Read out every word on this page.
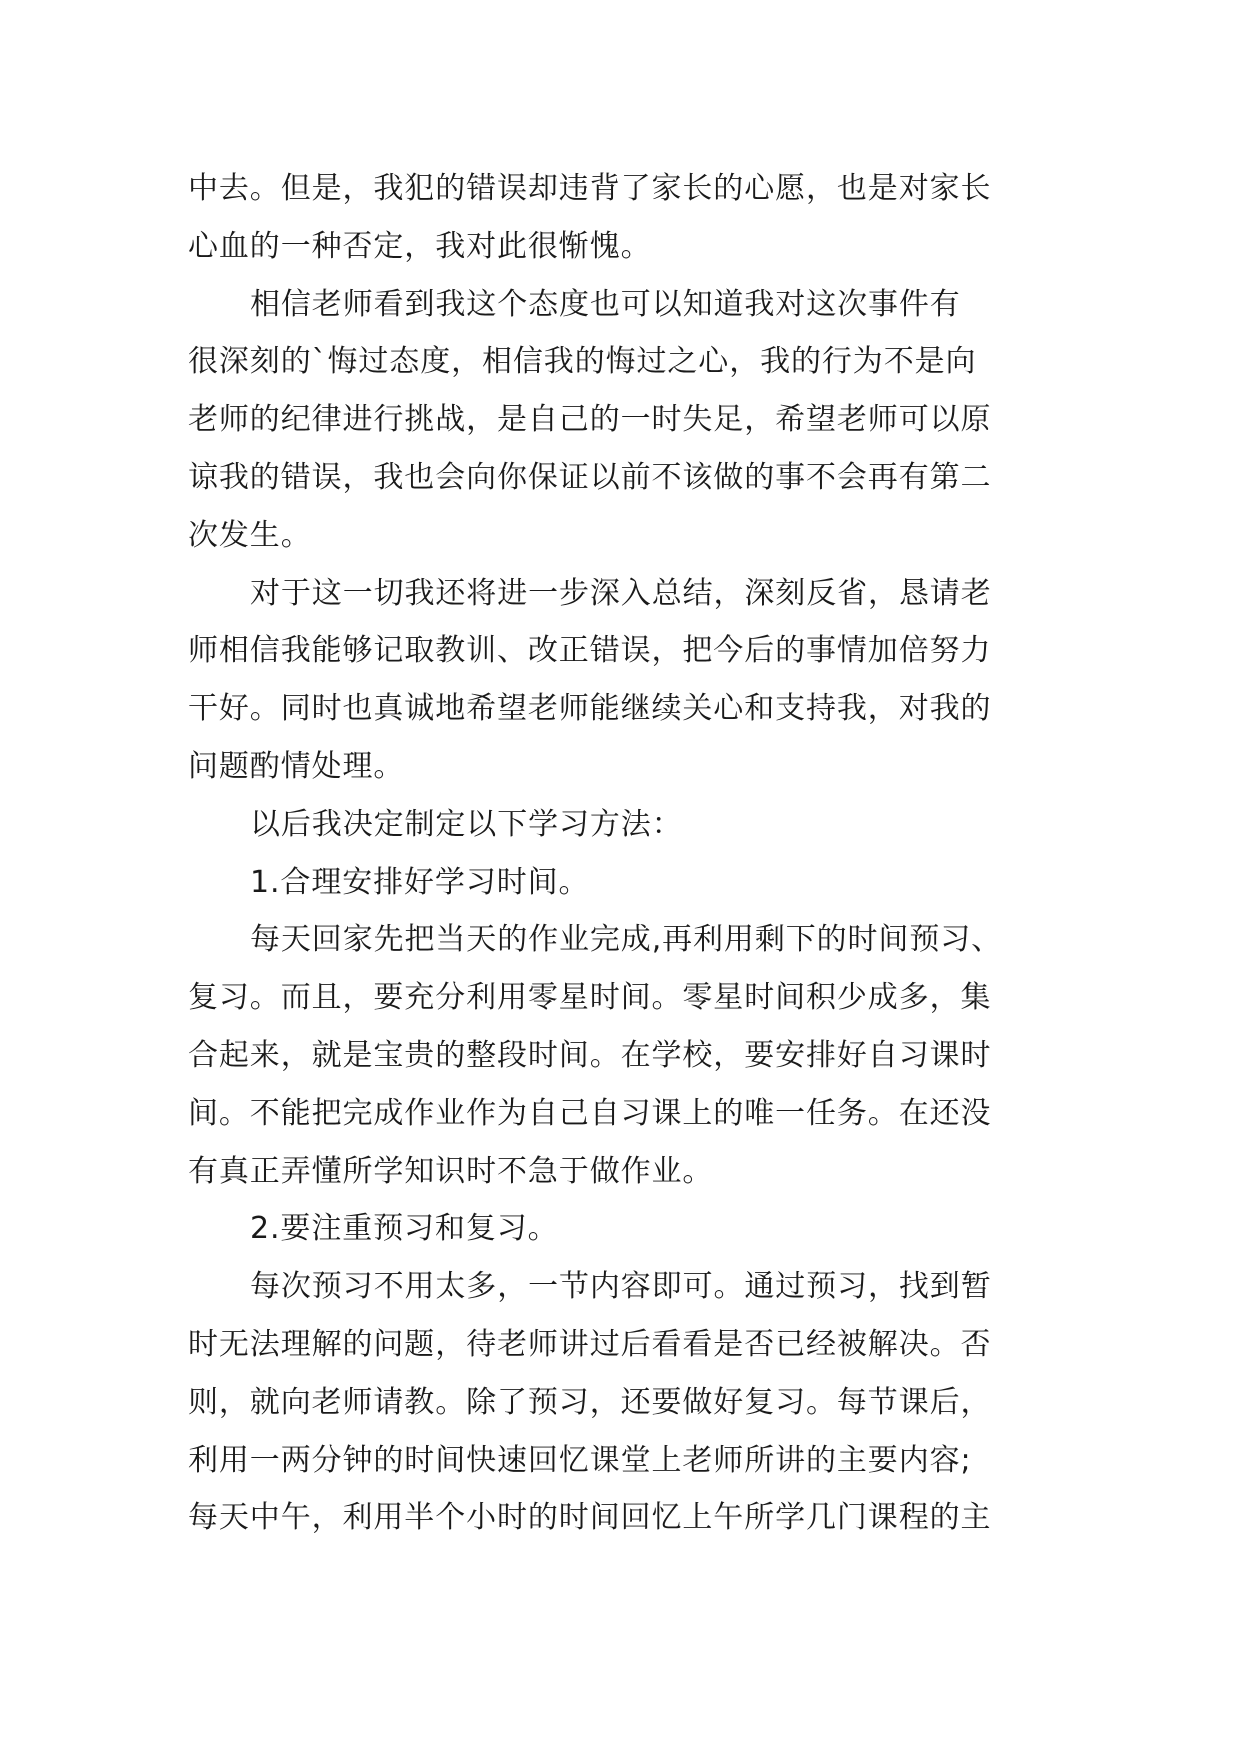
中去。但是，我犯的错误却违背了家长的心愿，也是对家长
心血的一种否定，我对此很惭愧。
相信老师看到我这个态度也可以知道我对这次事件有
很深刻的`悔过态度，相信我的悔过之心，我的行为不是向
老师的纪律进行挑战，是自己的一时失足，希望老师可以原
谅我的错误，我也会向你保证以前不该做的事不会再有第二
次发生。
对于这一切我还将进一步深入总结，深刻反省，恳请老
师相信我能够记取教训、改正错误，把今后的事情加倍努力
干好。同时也真诚地希望老师能继续关心和支持我，对我的
问题酌情处理。
以后我决定制定以下学习方法：
1.合理安排好学习时间。
每天回家先把当天的作业完成,再利用剩下的时间预习、
复习。而且，要充分利用零星时间。零星时间积少成多，集
合起来，就是宝贵的整段时间。在学校，要安排好自习课时
间。不能把完成作业作为自己自习课上的唯一任务。在还没
有真正弄懂所学知识时不急于做作业。
2.要注重预习和复习。
每次预习不用太多，一节内容即可。通过预习，找到暂
时无法理解的问题，待老师讲过后看看是否已经被解决。否
则，就向老师请教。除了预习，还要做好复习。每节课后，
利用一两分钟的时间快速回忆课堂上老师所讲的主要内容;
每天中午，利用半个小时的时间回忆上午所学几门课程的主
